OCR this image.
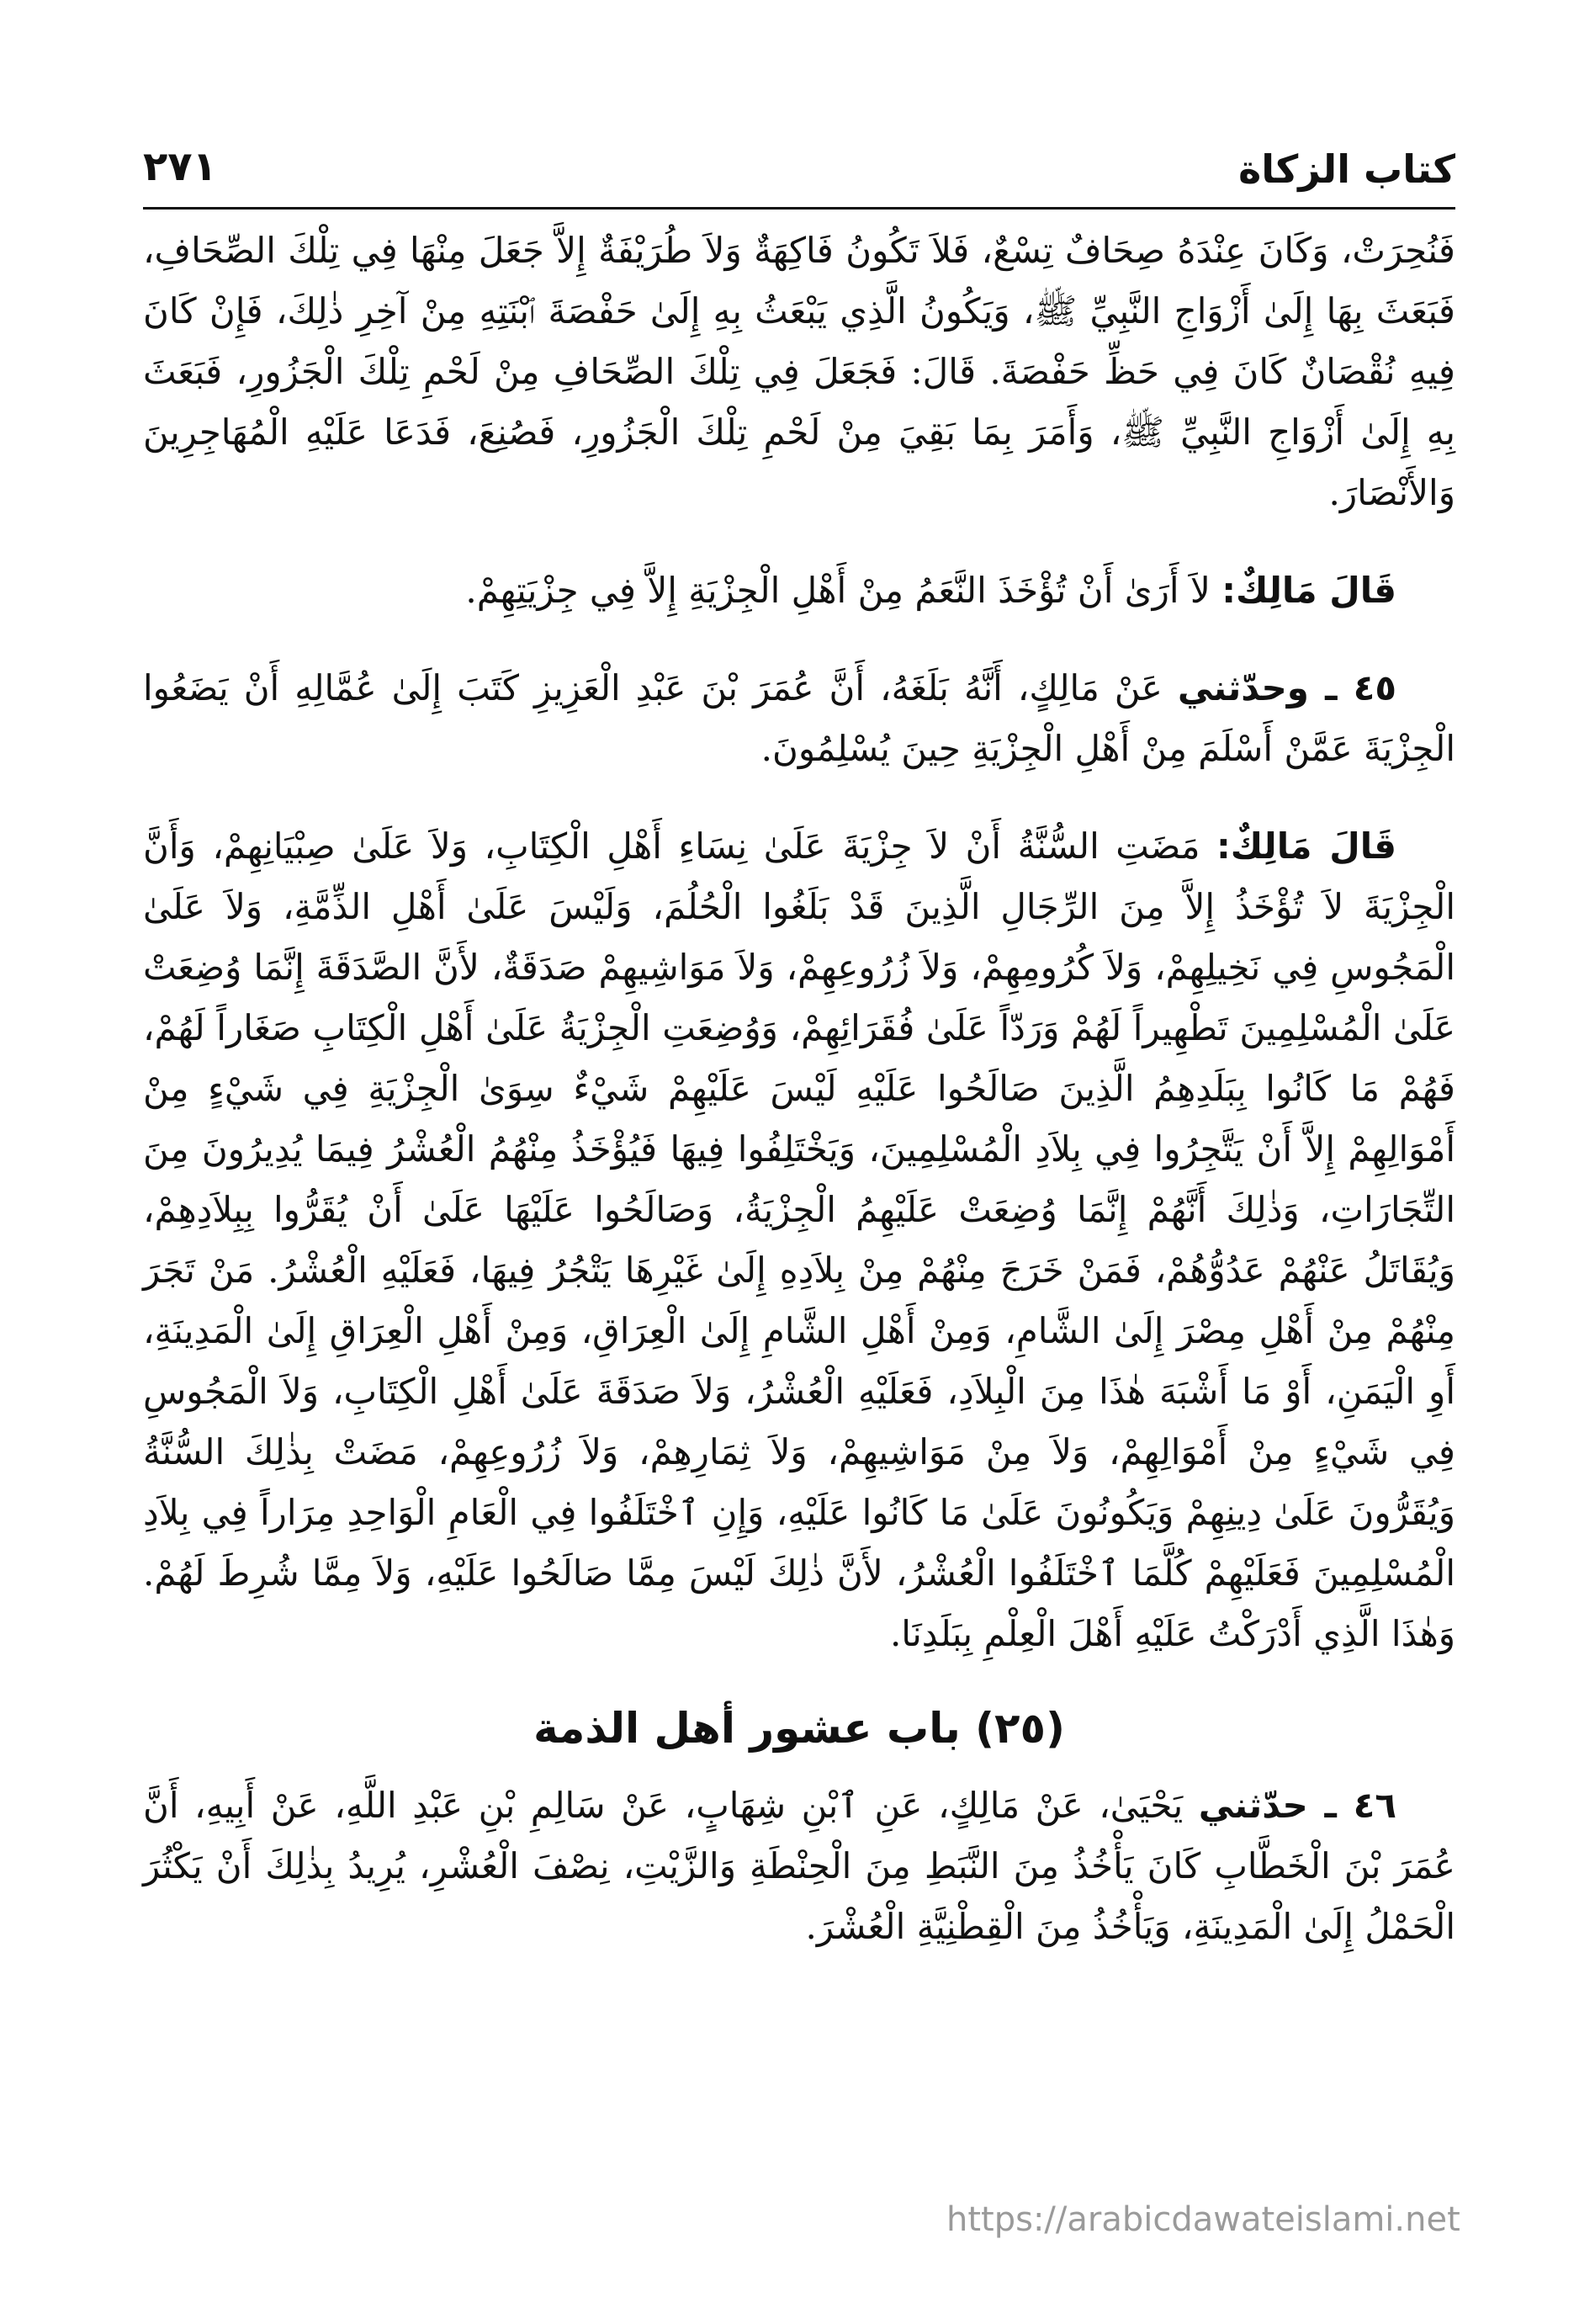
كتاب الزكاة
٢٧١

فَنُحِرَتْ، وَكَانَ عِنْدَهُ صِحَافٌ تِسْعٌ، فَلاَ تَكُونُ فَاكِهَةٌ وَلاَ طُرَيْفَةٌ إِلاَّ جَعَلَ مِنْهَا فِي تِلْكَ الصِّحَافِ، فَبَعَثَ بِهَا إِلَىٰ أَزْوَاجِ النَّبِيِّ ﷺ، وَيَكُونُ الَّذِي يَبْعَثُ بِهِ إِلَىٰ حَفْصَةَ ٱبْنَتِهِ مِنْ آخِرِ ذٰلِكَ، فَإِنْ كَانَ فِيهِ نُقْصَانٌ كَانَ فِي حَظِّ حَفْصَةَ. قَالَ: فَجَعَلَ فِي تِلْكَ الصِّحَافِ مِنْ لَحْمِ تِلْكَ الْجَزُورِ، فَبَعَثَ بِهِ إِلَىٰ أَزْوَاجِ النَّبِيِّ ﷺ، وَأَمَرَ بِمَا بَقِيَ مِنْ لَحْمِ تِلْكَ الْجَزُورِ، فَصُنِعَ، فَدَعَا عَلَيْهِ الْمُهَاجِرِينَ وَالأَنْصَارَ.

قَالَ مَالِكٌ: لاَ أَرَىٰ أَنْ تُؤْخَذَ النَّعَمُ مِنْ أَهْلِ الْجِزْيَةِ إِلاَّ فِي جِزْيَتِهِمْ.

٤٥ ـ وحدّثني عَنْ مَالِكٍ، أَنَّهُ بَلَغَهُ، أَنَّ عُمَرَ بْنَ عَبْدِ الْعَزِيزِ كَتَبَ إِلَىٰ عُمَّالِهِ أَنْ يَضَعُوا الْجِزْيَةَ عَمَّنْ أَسْلَمَ مِنْ أَهْلِ الْجِزْيَةِ حِينَ يُسْلِمُونَ.

قَالَ مَالِكٌ: مَضَتِ السُّنَّةُ أَنْ لاَ جِزْيَةَ عَلَىٰ نِسَاءِ أَهْلِ الْكِتَابِ، وَلاَ عَلَىٰ صِبْيَانِهِمْ، وَأَنَّ الْجِزْيَةَ لاَ تُؤْخَذُ إِلاَّ مِنَ الرِّجَالِ الَّذِينَ قَدْ بَلَغُوا الْحُلُمَ، وَلَيْسَ عَلَىٰ أَهْلِ الذِّمَّةِ، وَلاَ عَلَىٰ الْمَجُوسِ فِي نَخِيلِهِمْ، وَلاَ كُرُومِهِمْ، وَلاَ زُرُوعِهِمْ، وَلاَ مَوَاشِيهِمْ صَدَقَةٌ، لأَنَّ الصَّدَقَةَ إِنَّمَا وُضِعَتْ عَلَىٰ الْمُسْلِمِينَ تَطْهِيراً لَهُمْ وَرَدّاً عَلَىٰ فُقَرَائِهِمْ، وَوُضِعَتِ الْجِزْيَةُ عَلَىٰ أَهْلِ الْكِتَابِ صَغَاراً لَهُمْ، فَهُمْ مَا كَانُوا بِبَلَدِهِمُ الَّذِينَ صَالَحُوا عَلَيْهِ لَيْسَ عَلَيْهِمْ شَيْءٌ سِوَىٰ الْجِزْيَةِ فِي شَيْءٍ مِنْ أَمْوَالِهِمْ إِلاَّ أَنْ يَتَّجِرُوا فِي بِلاَدِ الْمُسْلِمِينَ، وَيَخْتَلِفُوا فِيهَا فَيُؤْخَذُ مِنْهُمُ الْعُشْرُ فِيمَا يُدِيرُونَ مِنَ التِّجَارَاتِ، وَذٰلِكَ أَنَّهُمْ إِنَّمَا وُضِعَتْ عَلَيْهِمُ الْجِزْيَةُ، وَصَالَحُوا عَلَيْهَا عَلَىٰ أَنْ يُقَرُّوا بِبِلاَدِهِمْ، وَيُقَاتَلُ عَنْهُمْ عَدُوُّهُمْ، فَمَنْ خَرَجَ مِنْهُمْ مِنْ بِلاَدِهِ إِلَىٰ غَيْرِهَا يَتْجُرُ فِيهَا، فَعَلَيْهِ الْعُشْرُ. مَنْ تَجَرَ مِنْهُمْ مِنْ أَهْلِ مِصْرَ إِلَىٰ الشَّامِ، وَمِنْ أَهْلِ الشَّامِ إِلَىٰ الْعِرَاقِ، وَمِنْ أَهْلِ الْعِرَاقِ إِلَىٰ الْمَدِينَةِ، أَوِ الْيَمَنِ، أَوْ مَا أَشْبَهَ هٰذَا مِنَ الْبِلاَدِ، فَعَلَيْهِ الْعُشْرُ، وَلاَ صَدَقَةَ عَلَىٰ أَهْلِ الْكِتَابِ، وَلاَ الْمَجُوسِ فِي شَيْءٍ مِنْ أَمْوَالِهِمْ، وَلاَ مِنْ مَوَاشِيهِمْ، وَلاَ ثِمَارِهِمْ، وَلاَ زُرُوعِهِمْ، مَضَتْ بِذٰلِكَ السُّنَّةُ وَيُقَرُّونَ عَلَىٰ دِينِهِمْ وَيَكُونُونَ عَلَىٰ مَا كَانُوا عَلَيْهِ، وَإِنِ ٱخْتَلَفُوا فِي الْعَامِ الْوَاحِدِ مِرَاراً فِي بِلاَدِ الْمُسْلِمِينَ فَعَلَيْهِمْ كُلَّمَا ٱخْتَلَفُوا الْعُشْرُ، لأَنَّ ذٰلِكَ لَيْسَ مِمَّا صَالَحُوا عَلَيْهِ، وَلاَ مِمَّا شُرِطَ لَهُمْ. وَهٰذَا الَّذِي أَدْرَكْتُ عَلَيْهِ أَهْلَ الْعِلْمِ بِبَلَدِنَا.

(٢٥) باب عشور أهل الذمة

٤٦ ـ حدّثني يَحْيَىٰ، عَنْ مَالِكٍ، عَنِ ٱبْنِ شِهَابٍ، عَنْ سَالِمِ بْنِ عَبْدِ اللَّهِ، عَنْ أَبِيهِ، أَنَّ عُمَرَ بْنَ الْخَطَّابِ كَانَ يَأْخُذُ مِنَ النَّبَطِ مِنَ الْحِنْطَةِ وَالزَّيْتِ، نِصْفَ الْعُشْرِ، يُرِيدُ بِذٰلِكَ أَنْ يَكْثُرَ الْحَمْلُ إِلَىٰ الْمَدِينَةِ، وَيَأْخُذُ مِنَ الْقِطْنِيَّةِ الْعُشْرَ.

https://arabicdawateislami.net
